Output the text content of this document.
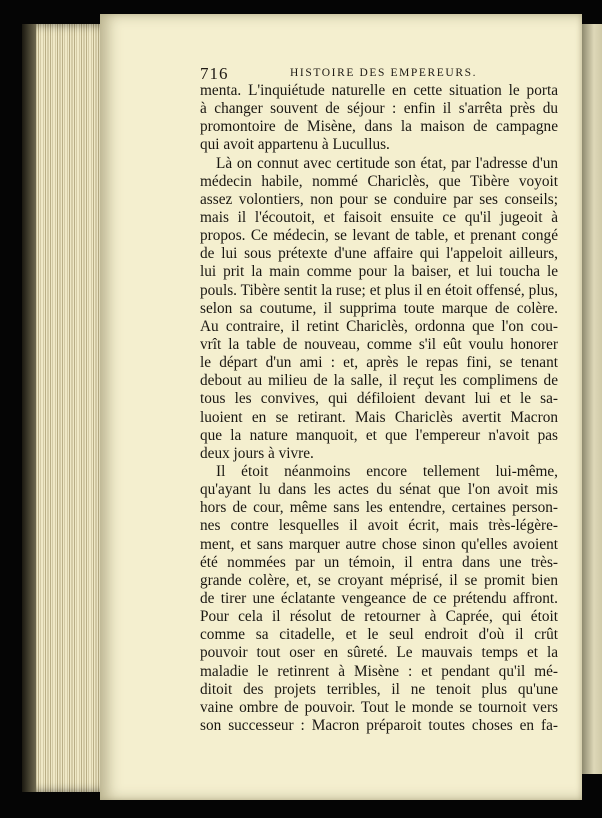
716	HISTOIRE DES EMPEREURS.
menta. L'inquiétude naturelle en cette situation le porta
à changer souvent de séjour : enfin il s'arrêta près du
promontoire de Misène, dans la maison de campagne
qui avoit appartenu à Lucullus.
Là on connut avec certitude son état, par l'adresse d'un
médecin habile, nommé Chariclès, que Tibère voyoit
assez volontiers, non pour se conduire par ses conseils;
mais il l'écoutoit, et faisoit ensuite ce qu'il jugeoit à
propos. Ce médecin, se levant de table, et prenant congé
de lui sous prétexte d'une affaire qui l'appeloit ailleurs,
lui prit la main comme pour la baiser, et lui toucha le
pouls. Tibère sentit la ruse; et plus il en étoit offensé, plus,
selon sa coutume, il supprima toute marque de colère.
Au contraire, il retint Chariclès, ordonna que l'on cou-
vrît la table de nouveau, comme s'il eût voulu honorer
le départ d'un ami : et, après le repas fini, se tenant
debout au milieu de la salle, il reçut les complimens de
tous les convives, qui défiloient devant lui et le sa-
luoient en se retirant. Mais Chariclès avertit Macron
que la nature manquoit, et que l'empereur n'avoit pas
deux jours à vivre.
Il étoit néanmoins encore tellement lui-même,
qu'ayant lu dans les actes du sénat que l'on avoit mis
hors de cour, même sans les entendre, certaines person-
nes contre lesquelles il avoit écrit, mais très-légère-
ment, et sans marquer autre chose sinon qu'elles avoient
été nommées par un témoin, il entra dans une très-
grande colère, et, se croyant méprisé, il se promit bien
de tirer une éclatante vengeance de ce prétendu affront.
Pour cela il résolut de retourner à Caprée, qui étoit
comme sa citadelle, et le seul endroit d'où il crût
pouvoir tout oser en sûreté. Le mauvais temps et la
maladie le retinrent à Misène : et pendant qu'il mé-
ditoit des projets terribles, il ne tenoit plus qu'une
vaine ombre de pouvoir. Tout le monde se tournoit vers
son successeur : Macron préparoit toutes choses en fa-
